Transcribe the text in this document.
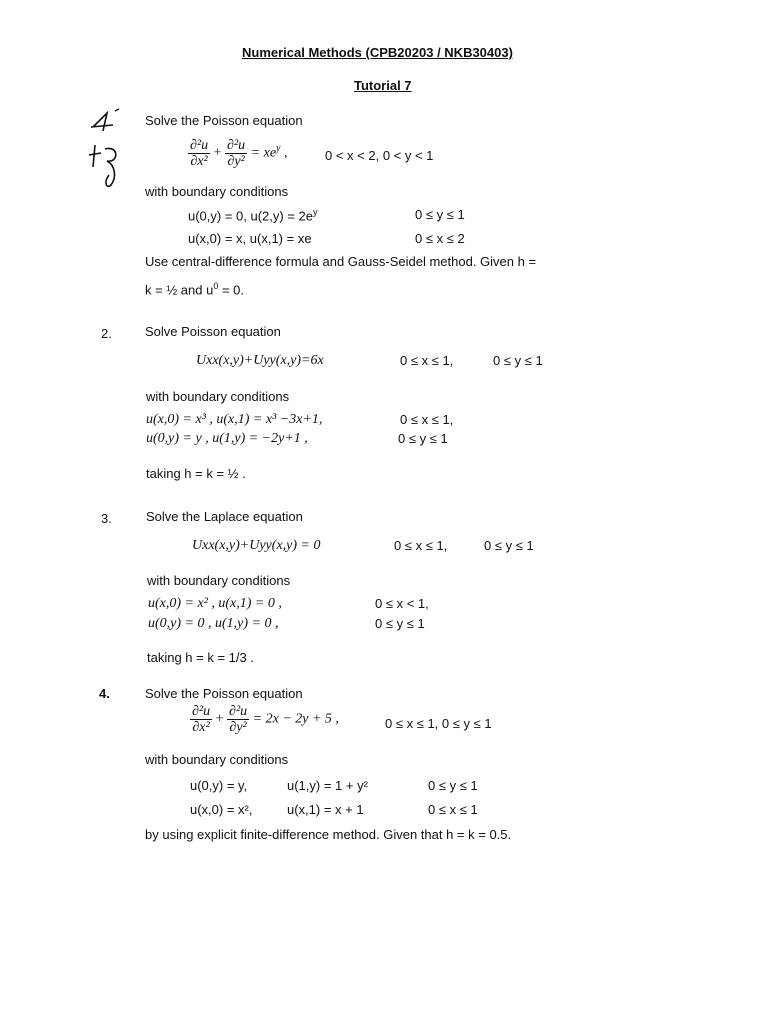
Numerical Methods (CPB20203 / NKB30403)
Tutorial 7
Solve the Poisson equation
$\frac{\text{∂²u}}{\text{∂x²}} + \frac{\text{∂²u}}{\text{∂y²}} = xe^y$ ,	0 < x < 2, 0 < y < 1
with boundary conditions
u(0,y) = 0, $u(2,y) = 2e^y$	0 ≤ y ≤ 1
u(x,0) = x, u(x,1) = xe	0 ≤ x ≤ 2
Use central-difference formula and Gauss-Seidel method. Given h =
k = ½ and $u^0 = 0$.
2.	Solve Poisson equation
Uxx(x,y)+Uyy(x,y)=6x	0 ≤ x ≤ 1,	0 ≤ y ≤ 1
with boundary conditions
u(x,0) = x³ , u(x,1) = x³ −3x+1,	0 ≤ x ≤ 1,
u(0,y) = y , u(1,y) = −2y+1 ,	0 ≤ y ≤ 1
taking h = k = ½ .
3.	Solve the Laplace equation
Uxx(x,y)+Uyy(x,y) = 0	0 ≤ x ≤ 1,	0 ≤ y ≤ 1
with boundary conditions
u(x,0) = x² , u(x,1) = 0 ,	0 ≤ x < 1,
u(0,y) = 0 , u(1,y) = 0 ,	0 ≤ y ≤ 1
taking h = k = 1/3 .
4.	Solve the Poisson equation
$\frac{\text{∂²u}}{\text{∂x²}} + \frac{\text{∂²u}}{\text{∂y²}} = 2x - 2y + 5$ ,	0 ≤ x ≤ 1, 0 ≤ y ≤ 1
with boundary conditions
u(0,y) = y,	u(1,y) = 1 + y²	0 ≤ y ≤ 1
u(x,0) = x²,	u(x,1) = x + 1	0 ≤ x ≤ 1
by using explicit finite-difference method. Given that h = k = 0.5.
